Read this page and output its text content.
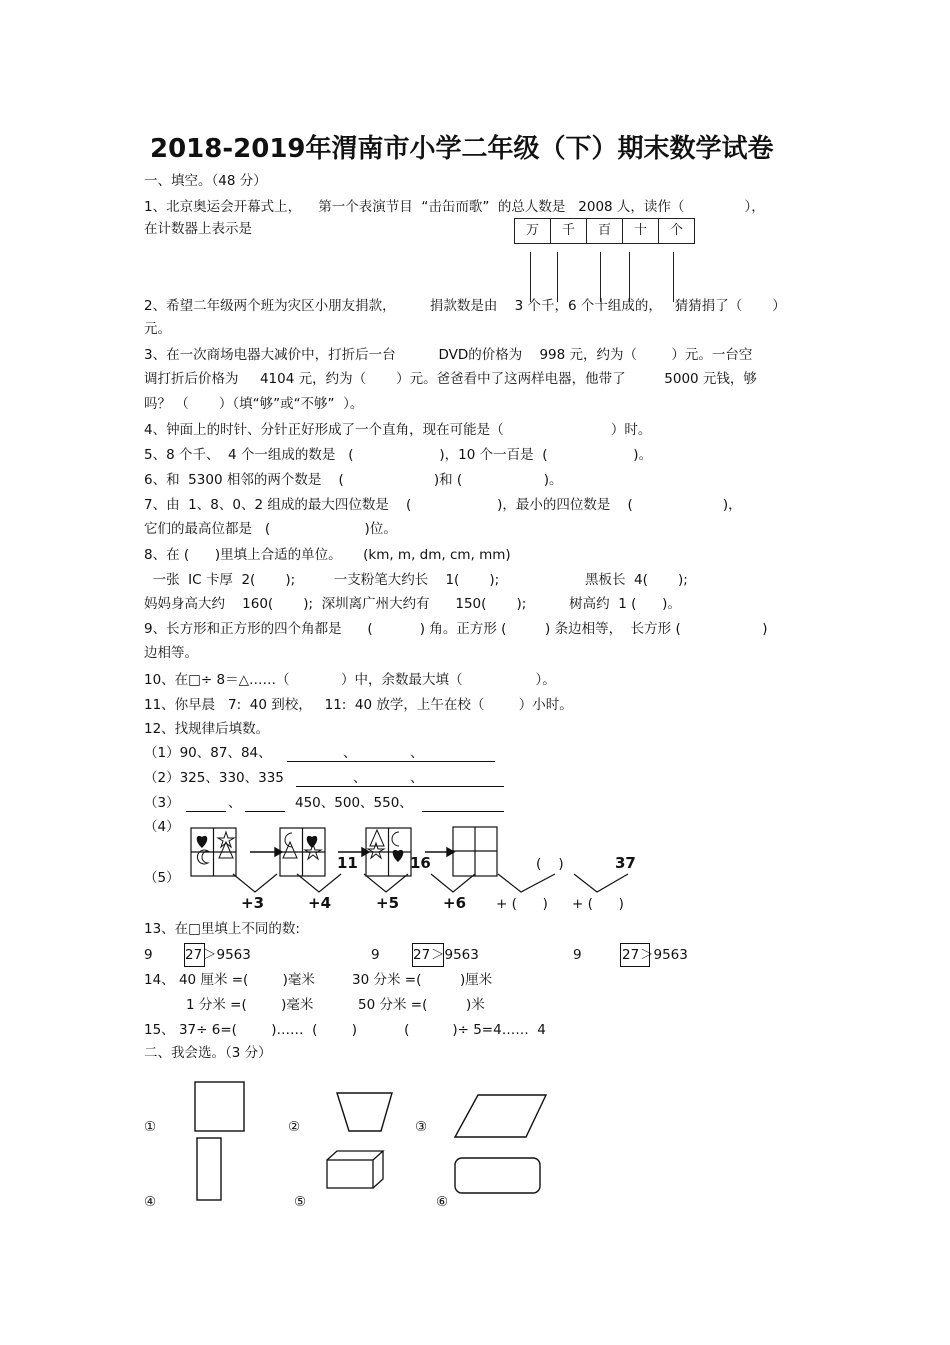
2018-2019年渭南市小学二年级（下）期末数学试卷
一、填空。（48 分）
1、北京奥运会开幕式上，    第一个表演节目  “击缶而歌”  的总人数是   2008 人，读作（              ），
在计数器上表示是	万	千	百	十	个
2、希望二年级两个班为灾区小朋友捐款，        捐款数是由    3 个千，6 个十组成的，   猜猜捐了（       ）
元。
3、在一次商场电器大减价中，打折后一台          DVD的价格为    998 元，约为（        ）元。一台空
调打折后价格为     4104 元，约为（       ）元。爸爸看中了这两样电器，他带了         5000 元钱，够
吗？ （       ）（填“够”或“不够”  ）。
4、钟面上的时针、分针正好形成了一个直角，现在可能是（                         ）时。
5、8 个千、  4 个一组成的数是   (                    )，10 个一百是  (                    )。
6、和  5300 相邻的两个数是    (                     )和 (                   )。
7、由  1、8、0、2 组成的最大四位数是    (                    )，最小的四位数是    (                     )，
它们的最高位都是   (                      )位。
8、在 (      )里填上合适的单位。     (km, m, dm, cm, mm)
一张  IC 卡厚  2(       );         一支粉笔大约长    1(       );                    黑板长  4(       );
妈妈身高大约    160(       );  深圳离广州大约有      150(       );          树高约  1 (      )。
9、长方形和正方形的四个角都是      (           ) 角。正方形 (         ) 条边相等，  长方形 (                   )
边相等。
10、在□÷ 8＝△……（            ）中，余数最大填（                 ）。
11、你早晨   7:  40 到校，   11:  40 放学，上午在校（        ）小时。
12、找规律后填数。
（1）90、87、84、	、	、
（2）325、330、335	、	、
（3）	、	450、500、550、
（4）
（5）
11	16	(    )	37
+3	+4	+5	+6 + (      ) + (      )
13、在□里填上不同的数:
9 27 ＞9563	9 27 ＞9563	9	27 ＞9563
14、 40 厘米 =(        )毫米	30 分米 =(         )厘米
1 分米 =(        )毫米	50 分米 =(         )米
15、 37÷ 6=(        )……  (        )           (          )÷ 5=4……  4
二、我会选。（3 分）
①	②	③
④	⑤	⑥
